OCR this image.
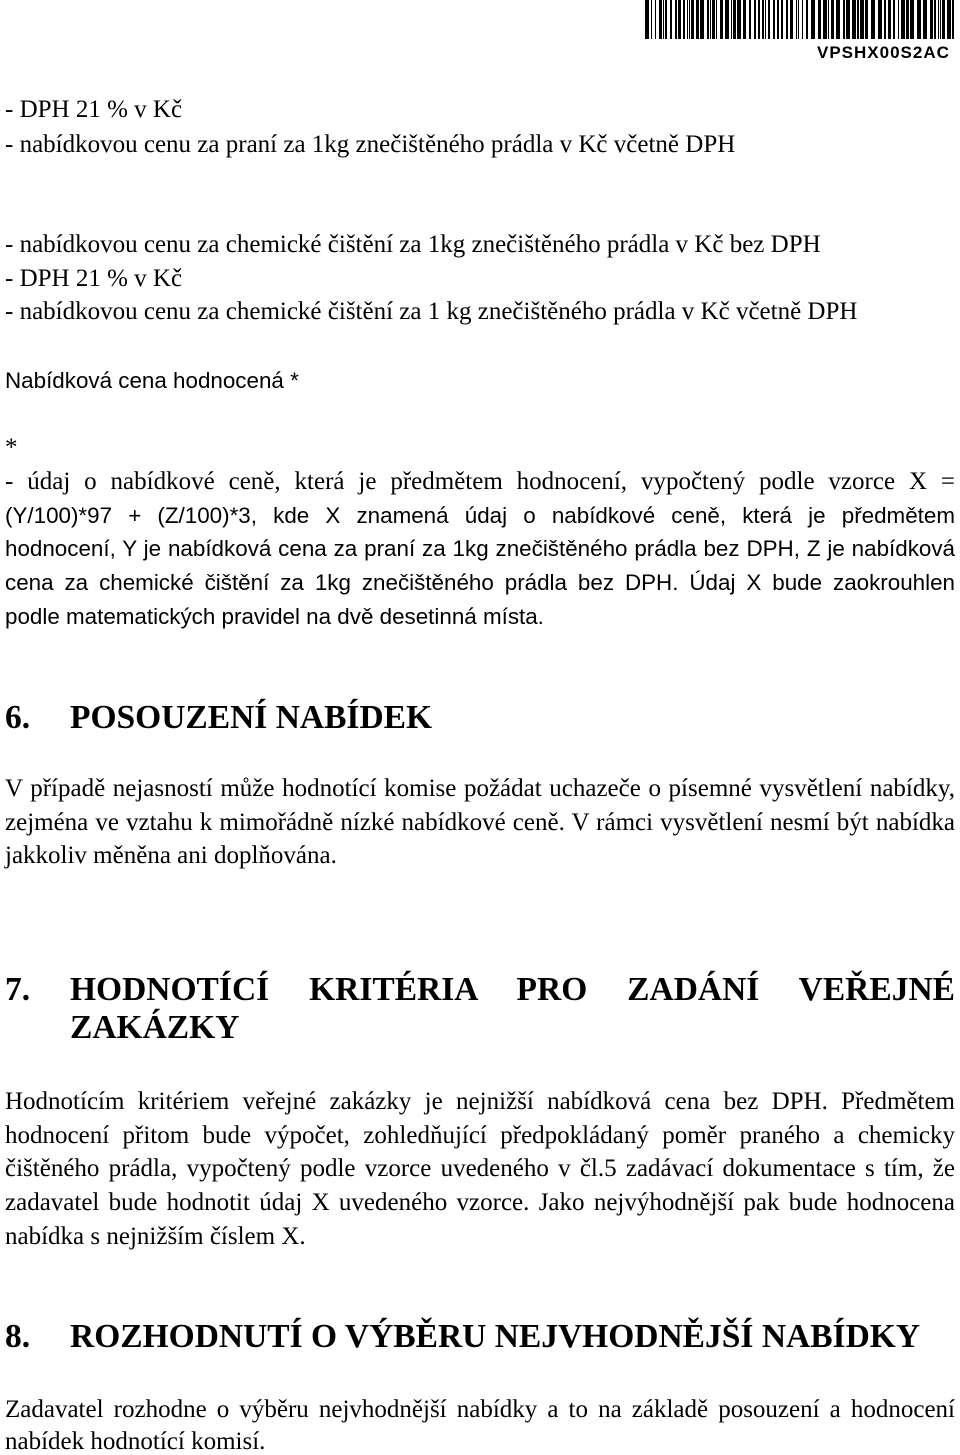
VPSHX00S2AC
- DPH 21 % v Kč
- nabídkovou cenu za praní za 1kg znečištěného prádla v Kč včetně DPH
- nabídkovou cenu za chemické čištění za 1kg znečištěného prádla v Kč bez DPH
- DPH 21 % v Kč
- nabídkovou cenu za chemické čištění za 1 kg znečištěného prádla v Kč včetně DPH
Nabídková cena hodnocená *
*
- údaj o nabídkové ceně, která je předmětem hodnocení, vypočtený podle vzorce X =
(Y/100)*97 + (Z/100)*3, kde X znamená údaj o nabídkové ceně, která je předmětem
hodnocení, Y je nabídková cena za praní za 1kg znečištěného prádla bez DPH, Z je nabídková
cena za chemické čištění za 1kg znečištěného prádla bez DPH. Údaj X bude zaokrouhlen
podle matematických pravidel na dvě desetinná místa.
6.	POSOUZENÍ NABÍDEK
V případě nejasností může hodnotící komise požádat uchazeče o písemné vysvětlení nabídky,
zejména ve vztahu k mimořádně nízké nabídkové ceně. V rámci vysvětlení nesmí být nabídka
jakkoliv měněna ani doplňována.
7.	HODNOTÍCÍ KRITÉRIA PRO ZADÁNÍ VEŘEJNÉ
ZAKÁZKY
Hodnotícím kritériem veřejné zakázky je nejnižší nabídková cena bez DPH. Předmětem
hodnocení přitom bude výpočet, zohledňující předpokládaný poměr praného a chemicky
čištěného prádla, vypočtený podle vzorce uvedeného v čl.5 zadávací dokumentace s tím, že
zadavatel bude hodnotit údaj X uvedeného vzorce. Jako nejvýhodnější pak bude hodnocena
nabídka s nejnižším číslem X.
8.	ROZHODNUTÍ O VÝBĚRU NEJVHODNĚJŠÍ NABÍDKY
Zadavatel rozhodne o výběru nejvhodnější nabídky a to na základě posouzení a hodnocení
nabídek hodnotící komisí.
